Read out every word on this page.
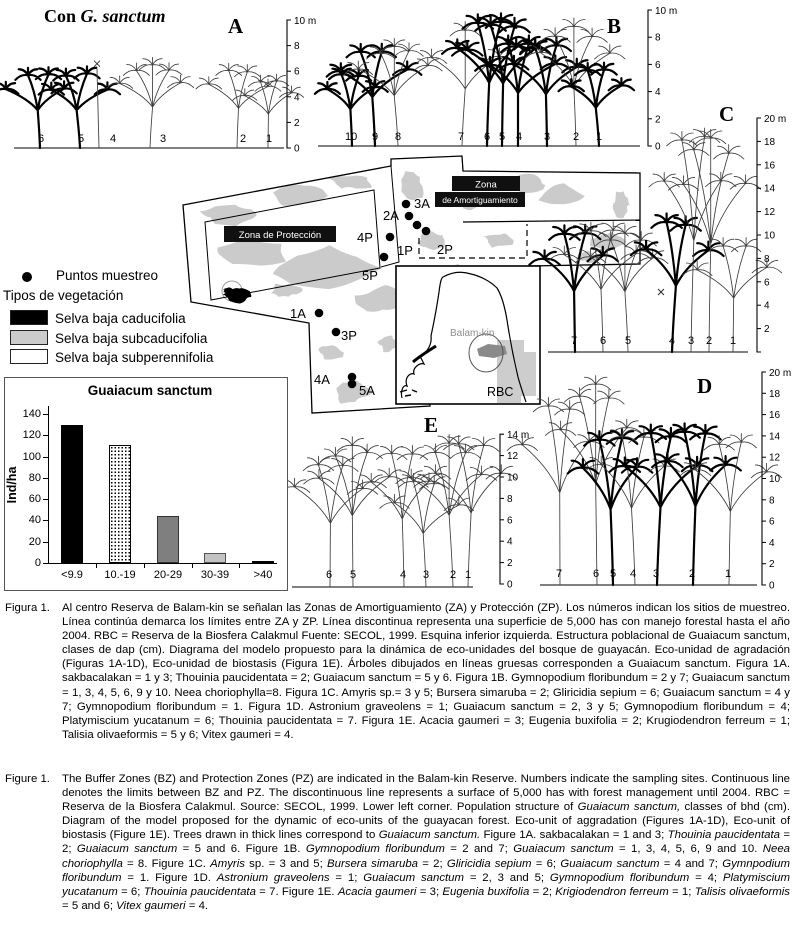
Zona de Protección
Zona
de Amortiguamiento
Balam-kin
RBC
3A
2A
4P
1P 2P
5P
1A
3P
4A
5A
6	5 4	3	2 1
10 m
8
6
4
2
0
A
10 9 8	7 6 5 4 3 2 1
10 m
8
6
4
2
0
B
7 6 5	4 3 2 1
20 m
18
16
14
12
10
8
6
4
2
C
7	6 5 4 3	2	1
20 m
18
16
14
12
10
8
6
4
2
0
D
6 5	4 3 2 1
14 m
12
10
8
6
4
2
0
E
Con G. sanctum
Puntos muestreo
Tipos de vegetación
Selva baja caducifolia
Selva baja subcaducifolia
Selva baja subperennifolia
Guaiacum sanctum
Ind/ha
0
20
40
60
80
100
120
140
<9.9	10.-19	20-29	30-39	>40
Figura 1.	Al centro Reserva de Balam-kin se señalan las Zonas de Amortiguamiento (ZA) y Protección (ZP). Los números indican los sitios de muestreo. Línea continúa demarca los límites entre ZA y ZP. Línea discontinua representa una superficie de 5,000 has con manejo forestal hasta el año 2004. RBC = Reserva de la Biosfera Calakmul Fuente: SECOL, 1999. Esquina inferior izquierda. Estructura poblacional de Guaiacum sanctum, clases de dap (cm). Diagrama del modelo propuesto para la dinámica de eco-unidades del bosque de guayacán. Eco-unidad de agradación (Figuras 1A-1D), Eco-unidad de biostasis (Figura 1E). Árboles dibujados en líneas gruesas corresponden a Guaiacum sanctum. Figura 1A. sakbacalakan = 1 y 3; Thouinia paucidentata = 2; Guaiacum sanctum = 5 y 6. Figura 1B. Gymnopodium floribundum = 2 y 7; Guaiacum sanctum = 1, 3, 4, 5, 6, 9 y 10. Neea choriophylla=8. Figura 1C. Amyris sp.= 3 y 5; Bursera simaruba = 2; Gliricidia sepium = 6; Guaiacum sanctum = 4 y 7; Gymnopodium floribundum = 1. Figura 1D. Astronium graveolens = 1; Guaiacum sanctum = 2, 3 y 5; Gymnopodium floribundum = 4; Platymiscium yucatanum = 6; Thouinia paucidentata = 7. Figura 1E. Acacia gaumeri = 3; Eugenia buxifolia = 2; Krugiodendron ferreum = 1; Talisia olivaeformis = 5 y 6; Vitex gaumeri = 4.
Figure 1.	The Buffer Zones (BZ) and Protection Zones (PZ) are indicated in the Balam-kin Reserve. Numbers indicate the sampling sites. Continuous line denotes the limits between BZ and PZ. The discontinuous line represents a surface of 5,000 has with forest management until 2004. RBC = Reserva de la Biosfera Calakmul. Source: SECOL, 1999. Lower left corner. Population structure of Guaiacum sanctum, classes of bhd (cm). Diagram of the model proposed for the dynamic of eco-units of the guayacan forest. Eco-unit of aggradation (Figures 1A-1D), Eco-unit of biostasis (Figure 1E). Trees drawn in thick lines correspond to Guaiacum sanctum. Figure 1A. sakbacalakan = 1 and 3; Thouinia paucidentata = 2; Guaiacum sanctum = 5 and 6. Figure 1B. Gymnopodium floribundum = 2 and 7; Guaiacum sanctum = 1, 3, 4, 5, 6, 9 and 10. Neea choriophylla = 8. Figure 1C. Amyris sp. = 3 and 5; Bursera simaruba = 2; Gliricidia sepium = 6; Guaiacum sanctum = 4 and 7; Gymnpodium floribundum = 1. Figure 1D. Astronium graveolens = 1; Guaiacum sanctum = 2, 3 and 5; Gymnopodium floribundum = 4; Platymiscium yucatanum = 6; Thouinia paucidentata = 7. Figure 1E. Acacia gaumeri = 3; Eugenia buxifolia = 2; Krigiodendron ferreum = 1; Talisis olivaeformis = 5 and 6; Vitex gaumeri = 4.
